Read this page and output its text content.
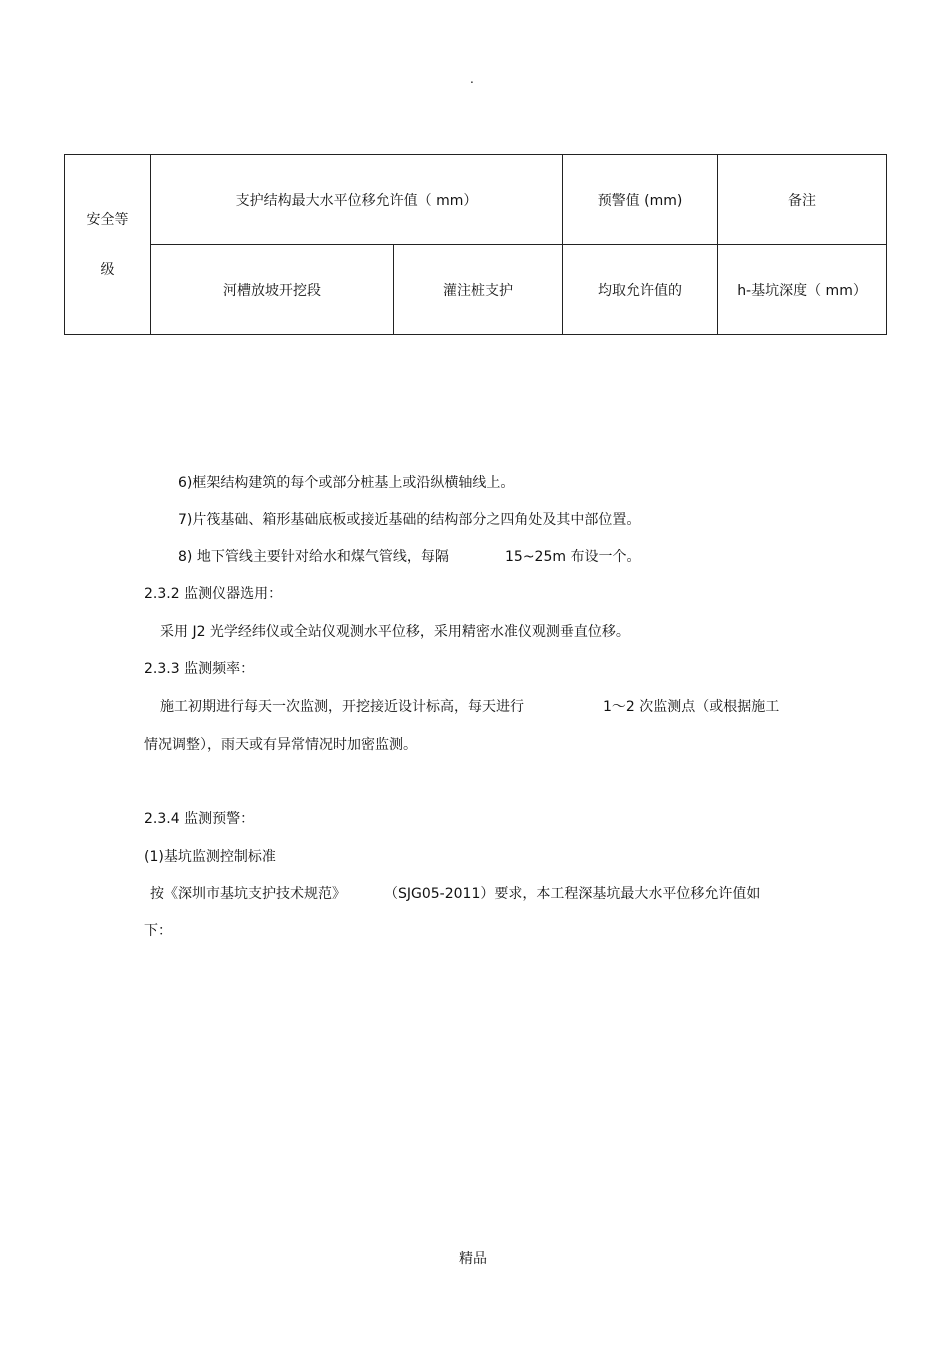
.
安全等
级	支护结构最大水平位移允许值（ mm）		预警值 (mm)	备注
	河槽放坡开挖段	灌注桩支护	均取允许值的	h-基坑深度（ mm）
6)框架结构建筑的每个或部分桩基上或沿纵横轴线上。
7)片筏基础、箱形基础底板或接近基础的结构部分之四角处及其中部位置。
8) 地下管线主要针对给水和煤气管线，每隔	15~25m 布设一个。
2.3.2 监测仪器选用：
采用 J2 光学经纬仪或全站仪观测水平位移，采用精密水准仪观测垂直位移。
2.3.3 监测频率：
施工初期进行每天一次监测，开挖接近设计标高，每天进行	1～2 次监测点（或根据施工
情况调整），雨天或有异常情况时加密监测。
2.3.4 监测预警：
(1)基坑监测控制标准
按《深圳市基坑支护技术规范》	（SJG05-2011）要求，本工程深基坑最大水平位移允许值如
下：
精品
